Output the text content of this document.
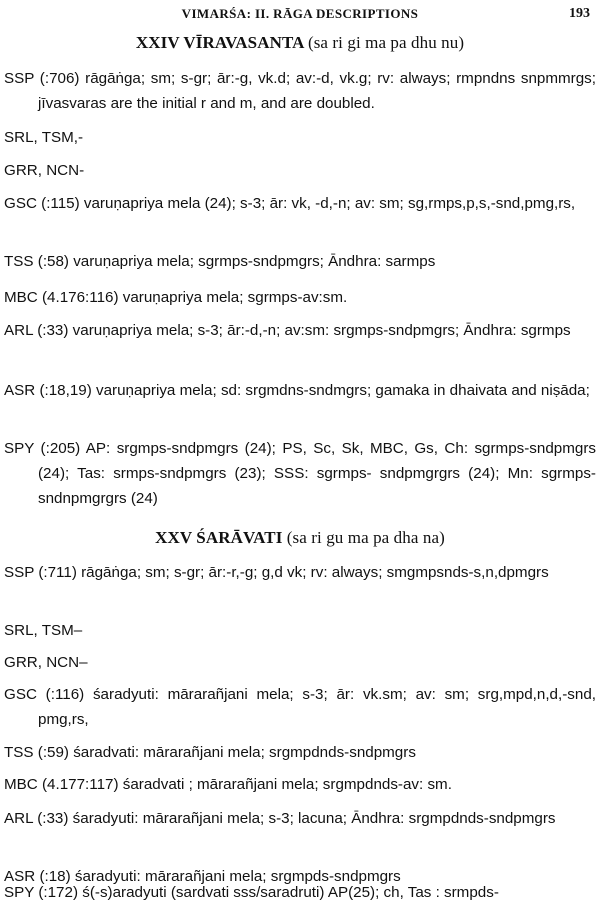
VIMARŚA: II. RĀGA DESCRIPTIONS	193
XXIV VĪRAVASANTA (sa ri gi ma pa dhu nu)
SSP (:706) rāgāṅga; sm; s-gr; ār:-g, vk.d; av:-d, vk.g; rv: always; rmpndns snpmmrgs; jīvasvaras are the initial r and m, and are doubled.
SRL, TSM,-
GRR, NCN-
GSC (:115) varuṇapriya mela (24); s-3; ār: vk, -d,-n; av: sm; sg,rmps,p,s,-snd,pmg,rs,
TSS (:58) varuṇapriya mela; sgrmps-sndpmgrs; Āndhra: sarmps
MBC (4.176:116) varuṇapriya mela; sgrmps-av:sm.
ARL (:33) varuṇapriya mela; s-3; ār:-d,-n; av:sm: srgmps-sndpmgrs; Āndhra: sgrmps
ASR (:18,19) varuṇapriya mela; sd: srgmdns-sndmgrs; gamaka in dhaivata and niṣāda;
SPY (:205) AP: srgmps-sndpmgrs (24); PS, Sc, Sk, MBC, Gs, Ch: sgrmps-sndpmgrs (24); Tas: srmps-sndpmgrs (23); SSS: sgrmps- sndpmgrgrs (24); Mn: sgrmps-sndnpmgrgrs (24)
XXV ŚARĀVATI (sa ri gu ma pa dha na)
SSP (:711) rāgāṅga; sm; s-gr; ār:-r,-g; g,d vk; rv: always; smgmpsnds-s,n,dpmgrs
SRL, TSM–
GRR, NCN–
GSC (:116) śaradyuti: mārarañjani mela; s-3; ār: vk.sm; av: sm; srg,mpd,n,d,-snd, pmg,rs,
TSS (:59) śaradvati: mārarañjani mela; srgmpdnds-sndpmgrs
MBC (4.177:117) śaradvati ; mārarañjani mela; srgmpdnds-av: sm.
ARL (:33) śaradyuti: mārarañjani mela; s-3; lacuna; Āndhra: srgmpdnds-sndpmgrs
ASR (:18) śaradyuti: mārarañjani mela; srgmpds-sndpmgrs
SPY (:172) ś(-s)aradyuti (sardvati sss/saradruti) AP(25); ch, Tas : srmpds-
